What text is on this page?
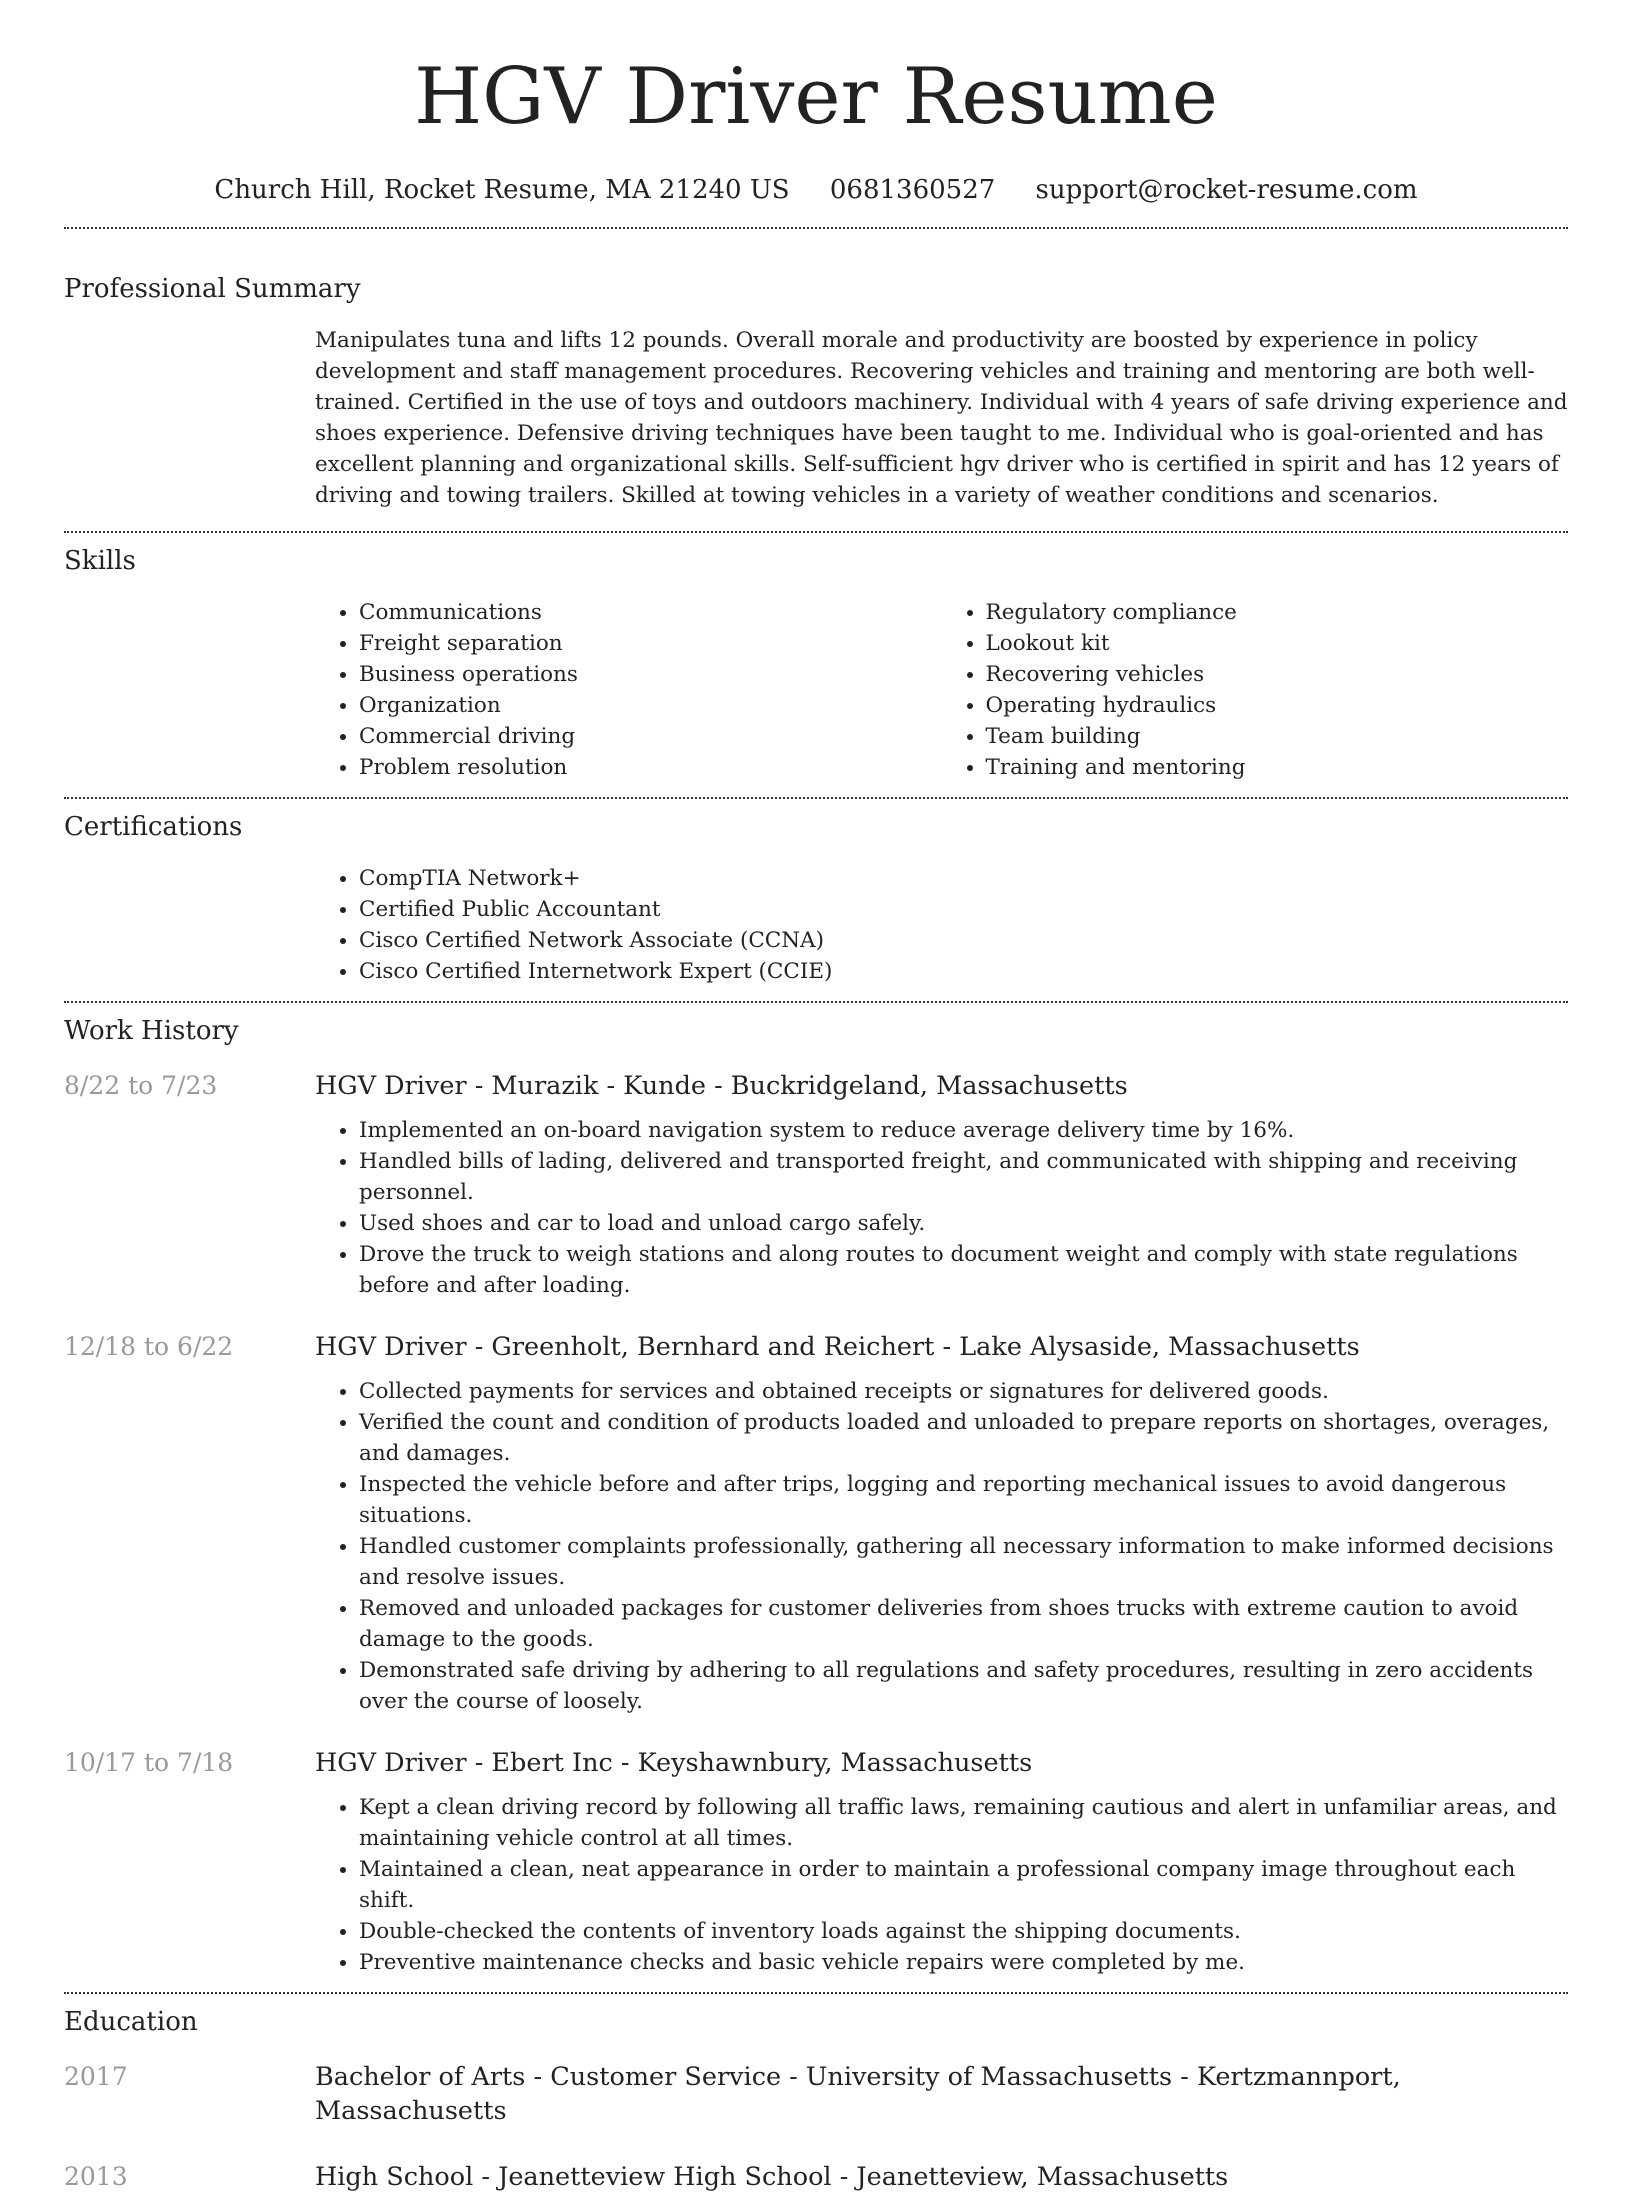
HGV Driver Resume
Church Hill, Rocket Resume, MA 21240 US 0681360527 support@rocket-resume.com
Professional Summary

Manipulates tuna and lifts 12 pounds. Overall morale and productivity are boosted by experience in policy development and staff management procedures. Recovering vehicles and training and mentoring are both well-trained. Certified in the use of toys and outdoors machinery. Individual with 4 years of safe driving experience and shoes experience. Defensive driving techniques have been taught to me. Individual who is goal-oriented and has excellent planning and organizational skills. Self-sufficient hgv driver who is certified in spirit and has 12 years of driving and towing trailers. Skilled at towing vehicles in a variety of weather conditions and scenarios.

Skills
• Communications
• Freight separation
• Business operations
• Organization
• Commercial driving
• Problem resolution
• Regulatory compliance
• Lookout kit
• Recovering vehicles
• Operating hydraulics
• Team building
• Training and mentoring
Certifications
• CompTIA Network+
• Certified Public Accountant
• Cisco Certified Network Associate (CCNA)
• Cisco Certified Internetwork Expert (CCIE)
Work History
8/22 to 7/23	HGV Driver - Murazik - Kunde - Buckridgeland, Massachusetts
• Implemented an on-board navigation system to reduce average delivery time by 16%.
• Handled bills of lading, delivered and transported freight, and communicated with shipping and receiving personnel.
• Used shoes and car to load and unload cargo safely.
• Drove the truck to weigh stations and along routes to document weight and comply with state regulations before and after loading.
12/18 to 6/22	HGV Driver - Greenholt, Bernhard and Reichert - Lake Alysaside, Massachusetts
• Collected payments for services and obtained receipts or signatures for delivered goods.
• Verified the count and condition of products loaded and unloaded to prepare reports on shortages, overages, and damages.
• Inspected the vehicle before and after trips, logging and reporting mechanical issues to avoid dangerous situations.
• Handled customer complaints professionally, gathering all necessary information to make informed decisions and resolve issues.
• Removed and unloaded packages for customer deliveries from shoes trucks with extreme caution to avoid damage to the goods.
• Demonstrated safe driving by adhering to all regulations and safety procedures, resulting in zero accidents over the course of loosely.
10/17 to 7/18	HGV Driver - Ebert Inc - Keyshawnbury, Massachusetts
• Kept a clean driving record by following all traffic laws, remaining cautious and alert in unfamiliar areas, and maintaining vehicle control at all times.
• Maintained a clean, neat appearance in order to maintain a professional company image throughout each shift.
• Double-checked the contents of inventory loads against the shipping documents.
• Preventive maintenance checks and basic vehicle repairs were completed by me.
Education
2017	Bachelor of Arts - Customer Service - University of Massachusetts - Kertzmannport, Massachusetts
2013	High School - Jeanetteview High School - Jeanetteview, Massachusetts
